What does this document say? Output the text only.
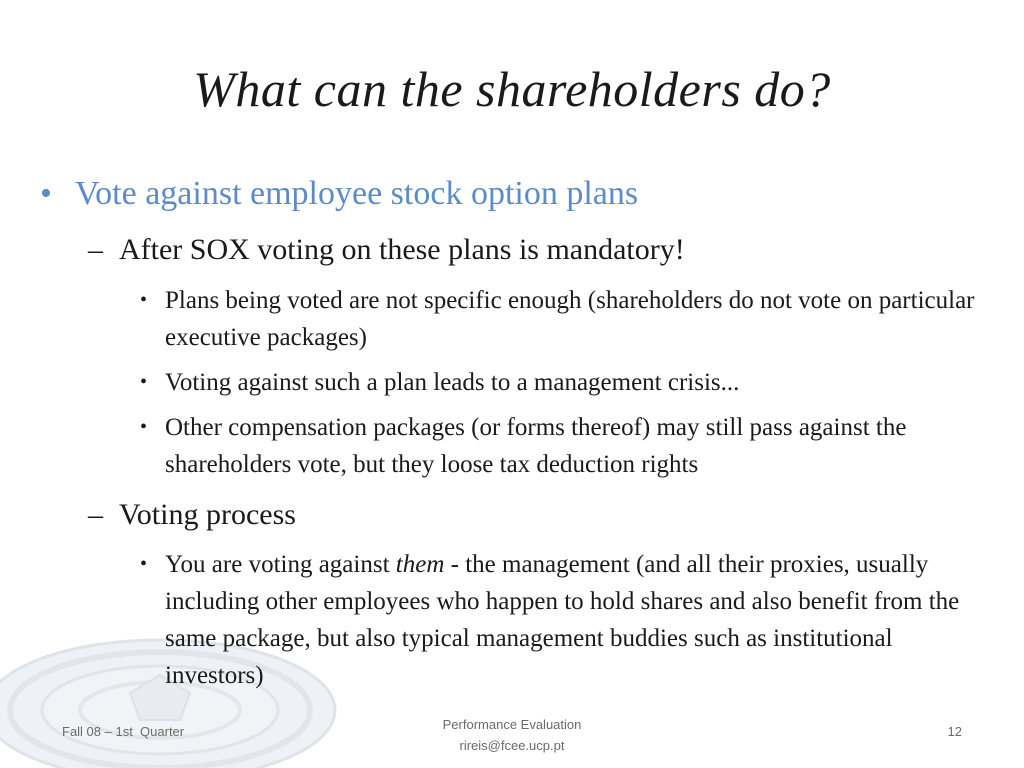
What can the shareholders do?
• Vote against employee stock option plans
– After SOX voting on these plans is mandatory!
• Plans being voted are not specific enough (shareholders do not vote on particular executive packages)
• Voting against such a plan leads to a management crisis...
• Other compensation packages (or forms thereof) may still pass against the shareholders vote, but they loose tax deduction rights
– Voting process
• You are voting against them - the management (and all their proxies, usually including other employees who happen to hold shares and also benefit from the same package, but also typical management buddies such as institutional investors)
Fall 08 – 1st  Quarter	Performance Evaluation
rireis@fcee.ucp.pt
12
